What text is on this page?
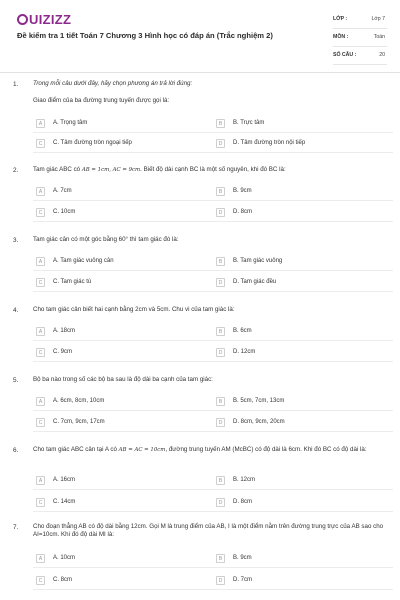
UIZIZZ
Đề kiểm tra 1 tiết Toán 7 Chương 3 Hình học có đáp án (Trắc nghiệm 2)
LỚP :	Lớp 7
MÔN :	Toán
SỐ CÂU :	20
1. Trong mỗi câu dưới đây, hãy chọn phương án trả lời đúng:
Giao điểm của ba đường trung tuyến được gọi là:
A	A. Trọng tâm	B	B. Trực tâm
C	C. Tâm đường tròn ngoại tiếp	D	D. Tâm đường tròn nội tiếp
2. Tam giác ABC có AB = 1cm, AC = 9cm. Biết độ dài cạnh BC là một số nguyên, khi đó BC là:
A	A. 7cm	B	B. 9cm
C	C. 10cm	D	D. 8cm
3. Tam giác cân có một góc bằng 60° thì tam giác đó là:
A	A. Tam giác vuông cân	B	B. Tam giác vuông
C	C. Tam giác tù	D	D. Tam giác đều
4. Cho tam giác cân biết hai cạnh bằng 2cm và 5cm. Chu vi của tam giác là:
A	A. 18cm	B	B. 6cm
C	C. 9cm	D	D. 12cm
5. Bộ ba nào trong số các bộ ba sau là độ dài ba cạnh của tam giác:
A	A. 6cm, 8cm, 10cm	B	B. 5cm, 7cm, 13cm
C	C. 7cm, 9cm, 17cm	D	D. 8cm, 9cm, 20cm
6. Cho tam giác ABC cân tại A có AB = AC = 10cm, đường trung tuyến AM (McBC) có độ dài là 6cm. Khi đó BC có độ dài là:
A	A. 16cm	B	B. 12cm
C	C. 14cm	D	D. 8cm
7. Cho đoạn thẳng AB có độ dài bằng 12cm. Gọi M là trung điểm của AB, I là một điểm nằm trên đường trung trực của AB sao cho AI=10cm. Khi đó độ dài MI là:
A	A. 10cm	B	B. 9cm
C	C. 8cm	D	D. 7cm
